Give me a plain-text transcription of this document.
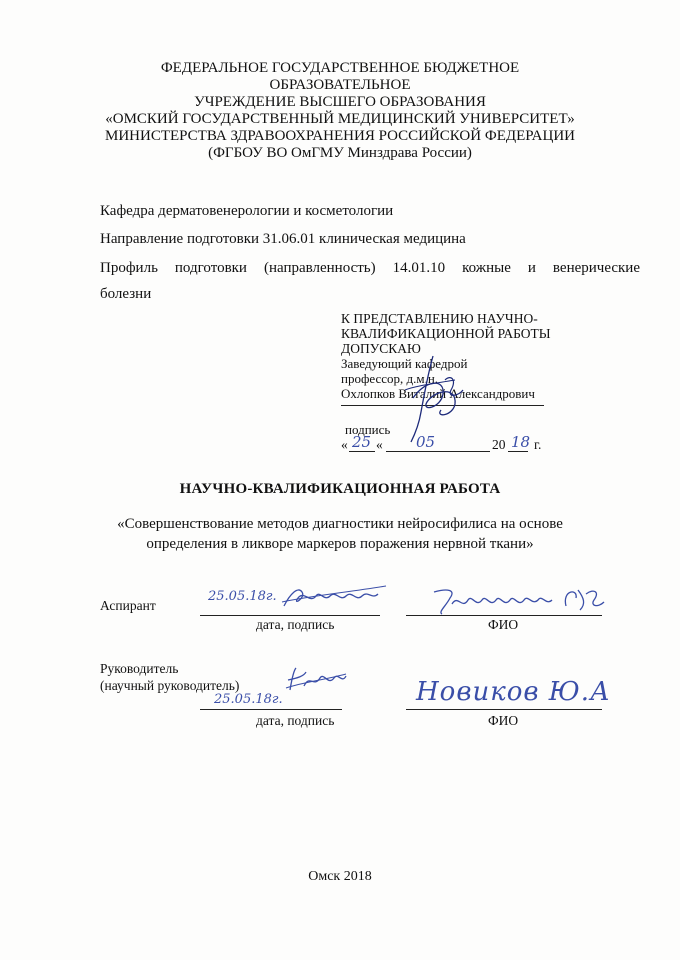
ФЕДЕРАЛЬНОЕ ГОСУДАРСТВЕННОЕ БЮДЖЕТНОЕ
ОБРАЗОВАТЕЛЬНОЕ
УЧРЕЖДЕНИЕ ВЫСШЕГО ОБРАЗОВАНИЯ
«ОМСКИЙ ГОСУДАРСТВЕННЫЙ МЕДИЦИНСКИЙ УНИВЕРСИТЕТ»
МИНИСТЕРСТВА ЗДРАВООХРАНЕНИЯ РОССИЙСКОЙ ФЕДЕРАЦИИ
(ФГБОУ ВО ОмГМУ Минздрава России)
Кафедра дерматовенерологии и косметологии
Направление подготовки 31.06.01 клиническая медицина
Профиль подготовки (направленность) 14.01.10 кожные и венерические
болезни
К ПРЕДСТАВЛЕНИЮ НАУЧНО-
КВАЛИФИКАЦИОННОЙ РАБОТЫ
ДОПУСКАЮ
Заведующий кафедрой
профессор, д.м.н.
Охлопков Виталий Александрович
подпись
« 25 « 05	20 18 г.
НАУЧНО-КВАЛИФИКАЦИОННАЯ РАБОТА
«Совершенствование методов диагностики нейросифилиса на основе
определения в ликворе маркеров поражения нервной ткани»
Аспирант
25.05.18г.
дата, подпись	ФИО
Руководитель
(научный руководитель)
25.05.18г.
дата, подпись
Новиков Ю.А
ФИО
Омск 2018
